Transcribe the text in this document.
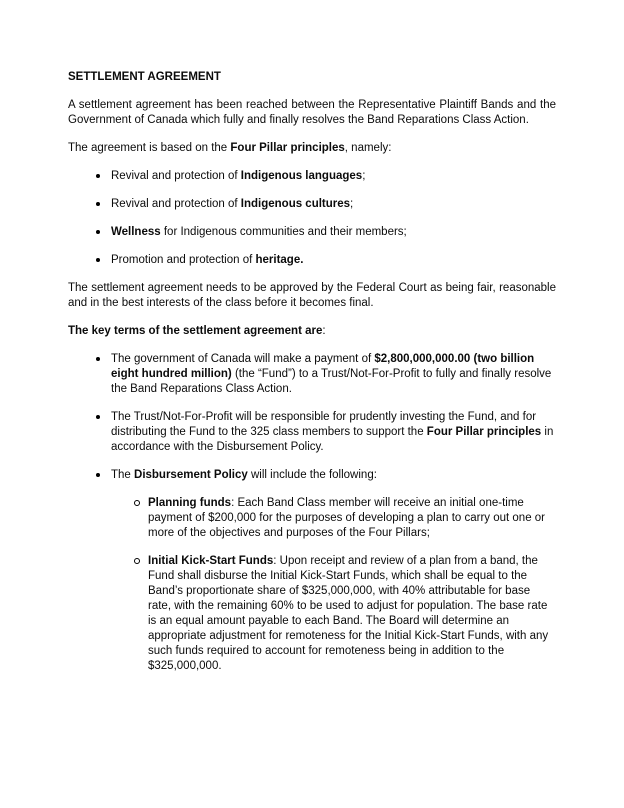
SETTLEMENT AGREEMENT

A settlement agreement has been reached between the Representative Plaintiff Bands and the Government of Canada which fully and finally resolves the Band Reparations Class Action.

The agreement is based on the Four Pillar principles, namely:

Revival and protection of Indigenous languages;
Revival and protection of Indigenous cultures;
Wellness for Indigenous communities and their members;
Promotion and protection of heritage.

The settlement agreement needs to be approved by the Federal Court as being fair, reasonable and in the best interests of the class before it becomes final.

The key terms of the settlement agreement are:

The government of Canada will make a payment of $2,800,000,000.00 (two billion eight hundred million) (the “Fund”) to a Trust/Not-For-Profit to fully and finally resolve the Band Reparations Class Action.
The Trust/Not-For-Profit will be responsible for prudently investing the Fund, and for distributing the Fund to the 325 class members to support the Four Pillar principles in accordance with the Disbursement Policy.
The Disbursement Policy will include the following:
Planning funds: Each Band Class member will receive an initial one-time payment of $200,000 for the purposes of developing a plan to carry out one or more of the objectives and purposes of the Four Pillars;
Initial Kick-Start Funds: Upon receipt and review of a plan from a band, the Fund shall disburse the Initial Kick-Start Funds, which shall be equal to the Band’s proportionate share of $325,000,000, with 40% attributable for base rate, with the remaining 60% to be used to adjust for population. The base rate is an equal amount payable to each Band. The Board will determine an appropriate adjustment for remoteness for the Initial Kick-Start Funds, with any such funds required to account for remoteness being in addition to the $325,000,000.
